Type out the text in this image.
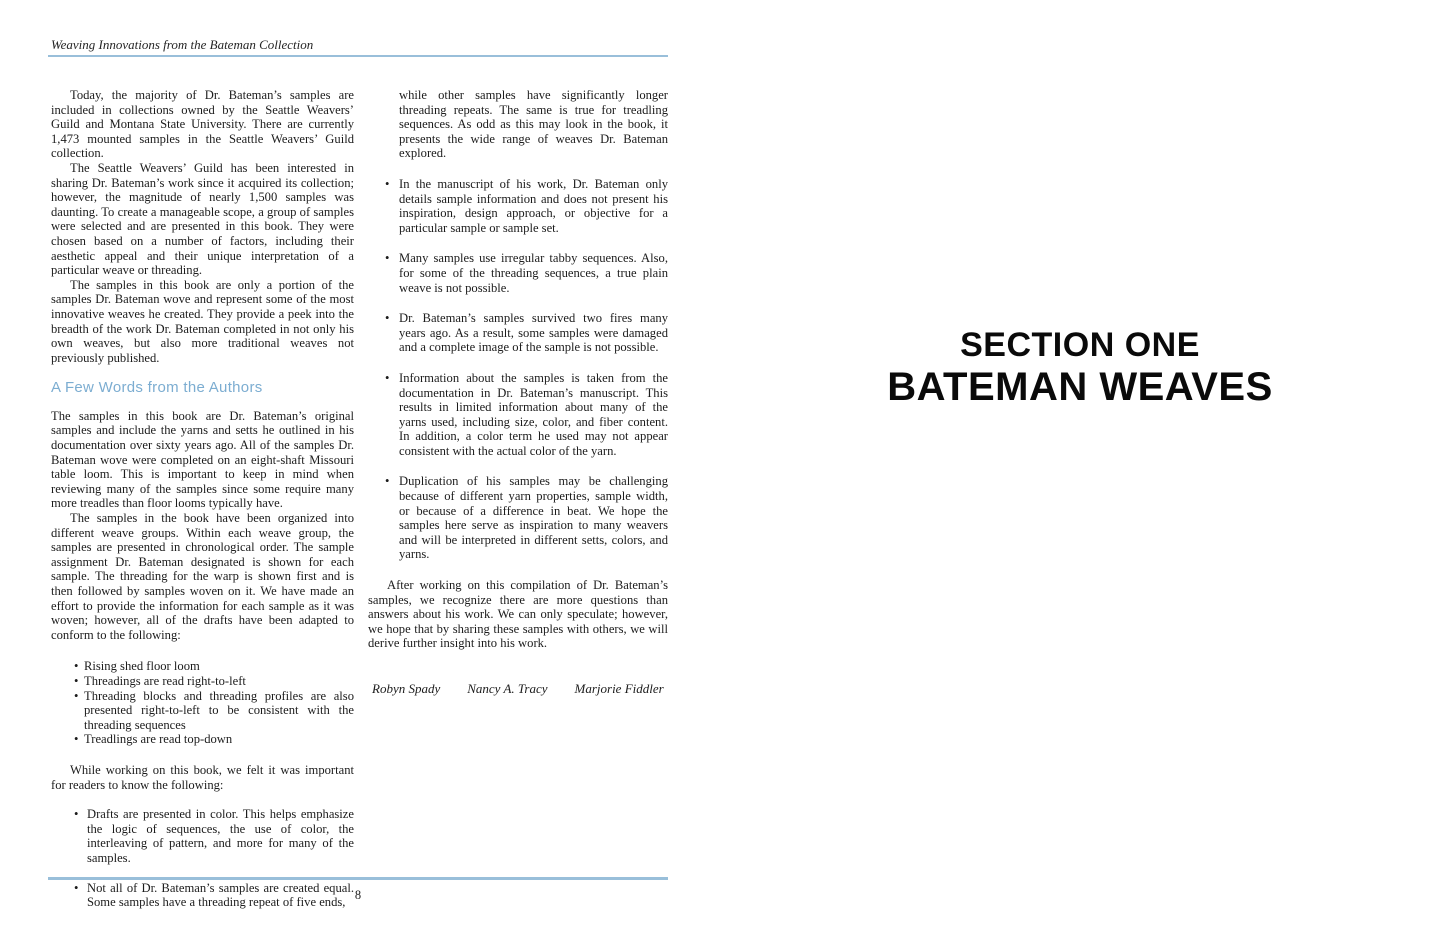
Weaving Innovations from the Bateman Collection

Today, the majority of Dr. Bateman’s samples are included in collections owned by the Seattle Weavers’ Guild and Montana State University. There are currently 1,473 mounted samples in the Seattle Weavers’ Guild collection.

The Seattle Weavers’ Guild has been interested in sharing Dr. Bateman’s work since it acquired its collection; however, the magnitude of nearly 1,500 samples was daunting. To create a manageable scope, a group of samples were selected and are presented in this book. They were chosen based on a number of factors, including their aesthetic appeal and their unique interpretation of a particular weave or threading.

The samples in this book are only a portion of the samples Dr. Bateman wove and represent some of the most innovative weaves he created. They provide a peek into the breadth of the work Dr. Bateman completed in not only his own weaves, but also more traditional weaves not previously published.

A Few Words from the Authors

The samples in this book are Dr. Bateman’s original samples and include the yarns and setts he outlined in his documentation over sixty years ago. All of the samples Dr. Bateman wove were completed on an eight-shaft Missouri table loom. This is important to keep in mind when reviewing many of the samples since some require many more treadles than floor looms typically have.

The samples in the book have been organized into different weave groups. Within each weave group, the samples are presented in chronological order. The sample assignment Dr. Bateman designated is shown for each sample. The threading for the warp is shown first and is then followed by samples woven on it. We have made an effort to provide the information for each sample as it was woven; however, all of the drafts have been adapted to conform to the following:

• Rising shed floor loom
• Threadings are read right-to-left
• Threading blocks and threading profiles are also presented right-to-left to be consistent with the threading sequences
• Treadlings are read top-down

While working on this book, we felt it was important for readers to know the following:

• Drafts are presented in color. This helps emphasize the logic of sequences, the use of color, the interleaving of pattern, and more for many of the samples.
• Not all of Dr. Bateman’s samples are created equal. Some samples have a threading repeat of five ends,
while other samples have significantly longer threading repeats. The same is true for treadling sequences. As odd as this may look in the book, it presents the wide range of weaves Dr. Bateman explored.
• In the manuscript of his work, Dr. Bateman only details sample information and does not present his inspiration, design approach, or objective for a particular sample or sample set.
• Many samples use irregular tabby sequences. Also, for some of the threading sequences, a true plain weave is not possible.
• Dr. Bateman’s samples survived two fires many years ago. As a result, some samples were damaged and a complete image of the sample is not possible.
• Information about the samples is taken from the documentation in Dr. Bateman’s manuscript. This results in limited information about many of the yarns used, including size, color, and fiber content. In addition, a color term he used may not appear consistent with the actual color of the yarn.
• Duplication of his samples may be challenging because of different yarn properties, sample width, or because of a difference in beat. We hope the samples here serve as inspiration to many weavers and will be interpreted in different setts, colors, and yarns.

After working on this compilation of Dr. Bateman’s samples, we recognize there are more questions than answers about his work. We can only speculate; however, we hope that by sharing these samples with others, we will derive further insight into his work.

Robyn Spady Nancy A. Tracy Marjorie Fiddler
8
SECTION ONE
BATEMAN WEAVES
